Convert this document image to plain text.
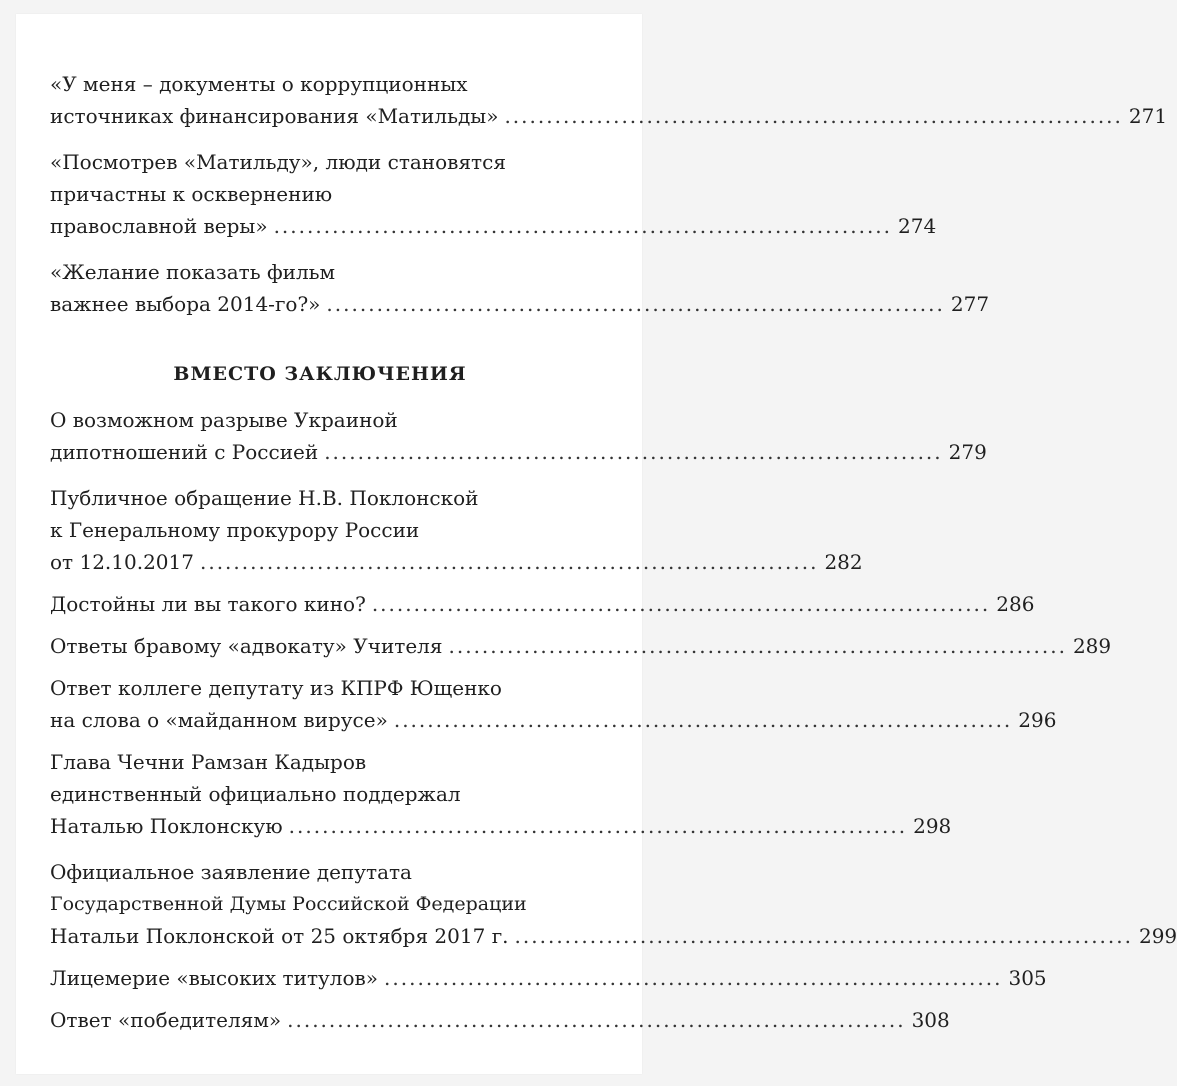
«У меня – документы о коррупционных
источниках финансирования «Матильды» .......................................................................... 271
«Посмотрев «Матильду», люди становятся
причастны к осквернению
православной веры» .......................................................................... 274
«Желание показать фильм
важнее выбора 2014-го?» .......................................................................... 277
ВМЕСТО ЗАКЛЮЧЕНИЯ
О возможном разрыве Украиной
дипотношений с Россией .......................................................................... 279
Публичное обращение Н.В. Поклонской
к Генеральному прокурору России
от 12.10.2017 .......................................................................... 282
Достойны ли вы такого кино? .......................................................................... 286
Ответы бравому «адвокату» Учителя .......................................................................... 289
Ответ коллеге депутату из КПРФ Ющенко
на слова о «майданном вирусе» .......................................................................... 296
Глава Чечни Рамзан Кадыров
единственный официально поддержал
Наталью Поклонскую .......................................................................... 298
Официальное заявление депутата
Государственной Думы Российской Федерации
Натальи Поклонской от 25 октября 2017 г. .......................................................................... 299
Лицемерие «высоких титулов» .......................................................................... 305
Ответ «победителям» .......................................................................... 308
